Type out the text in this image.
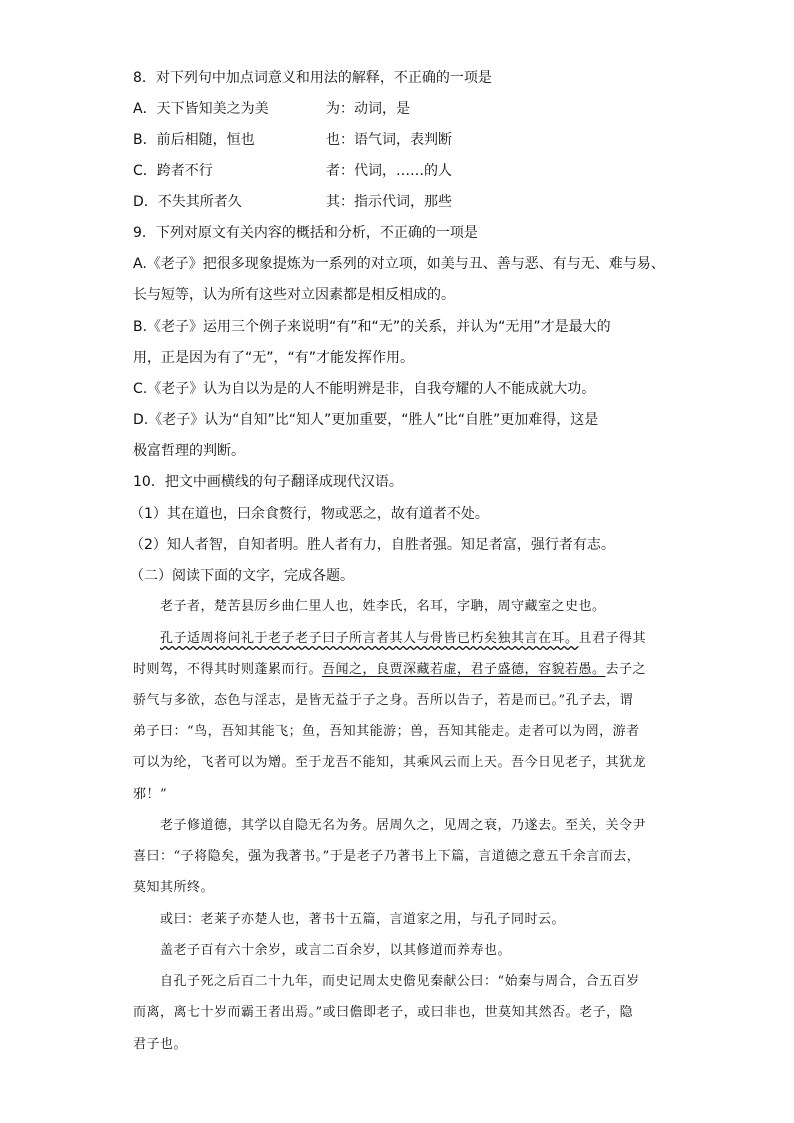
8．对下列句中加点词意义和用法的解释，不正确的一项是
A．天下皆知美之为美	为：动词，是
B．前后相随，恒也	也：语气词，表判断
C．跨者不行	者：代词，……的人
D．不失其所者久	其：指示代词，那些
9．下列对原文有关内容的概括和分析，不正确的一项是
A.《老子》把很多现象提炼为一系列的对立项，如美与丑、善与恶、有与无、难与易、
长与短等，认为所有这些对立因素都是相反相成的。
B.《老子》运用三个例子来说明“有”和“无”的关系，并认为“无用”才是最大的
用，正是因为有了“无”，“有”才能发挥作用。
C.《老子》认为自以为是的人不能明辨是非，自我夸耀的人不能成就大功。
D.《老子》认为“自知”比“知人”更加重要，“胜人”比“自胜”更加难得，这是
极富哲理的判断。
10．把文中画横线的句子翻译成现代汉语。
（1）其在道也，曰余食赘行，物或恶之，故有道者不处。
（2）知人者智，自知者明。胜人者有力，自胜者强。知足者富，强行者有志。
（二）阅读下面的文字，完成各题。
老子者，楚苦县厉乡曲仁里人也，姓李氏，名耳，字聃，周守藏室之史也。
孔子适周将问礼于老子老子曰子所言者其人与骨皆已朽矣独其言在耳。且君子得其
时则驾，不得其时则蓬累而行。吾闻之，良贾深藏若虚，君子盛德，容貌若愚。去子之
骄气与多欲，态色与淫志，是皆无益于子之身。吾所以告子，若是而已。”孔子去，谓
弟子曰：“鸟，吾知其能飞；鱼，吾知其能游；兽，吾知其能走。走者可以为罔，游者
可以为纶，飞者可以为矰。至于龙吾不能知，其乘风云而上天。吾今日见老子，其犹龙
邪！”
老子修道德，其学以自隐无名为务。居周久之，见周之衰，乃遂去。至关，关令尹
喜曰：“子将隐矣，强为我著书。”于是老子乃著书上下篇，言道德之意五千余言而去，
莫知其所终。
或曰：老莱子亦楚人也，著书十五篇，言道家之用，与孔子同时云。
盖老子百有六十余岁，或言二百余岁，以其修道而养寿也。
自孔子死之后百二十九年，而史记周太史儋见秦献公曰：“始秦与周合，合五百岁
而离，离七十岁而霸王者出焉。”或曰儋即老子，或曰非也，世莫知其然否。老子，隐
君子也。
